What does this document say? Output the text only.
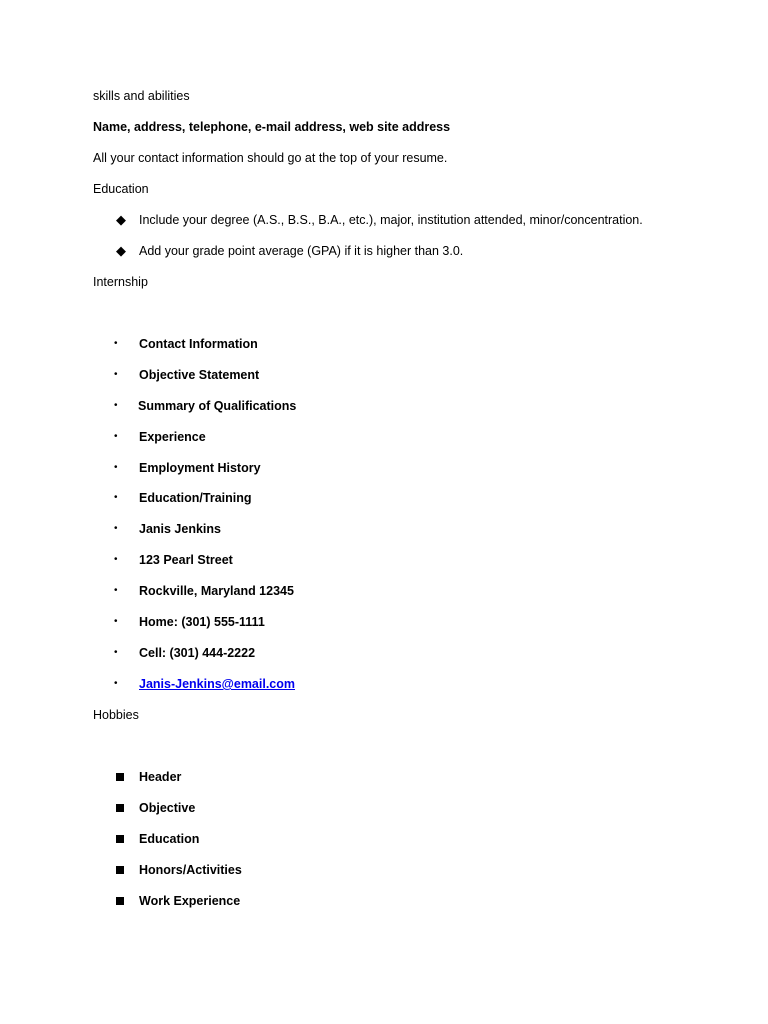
skills and abilities
Name, address, telephone, e-mail address, web site address
All your contact information should go at the top of your resume.
Education
◆ Include your degree (A.S., B.S., B.A., etc.), major, institution attended, minor/concentration.
◆ Add your grade point average (GPA) if it is higher than 3.0.
Internship
• Contact Information
• Objective Statement
• Summary of Qualifications
• Experience
• Employment History
• Education/Training
• Janis Jenkins
• 123 Pearl Street
• Rockville, Maryland 12345
• Home: (301) 555-1111
• Cell: (301) 444-2222
• Janis-Jenkins@email.com
Hobbies
Header
Objective
Education
Honors/Activities
Work Experience
